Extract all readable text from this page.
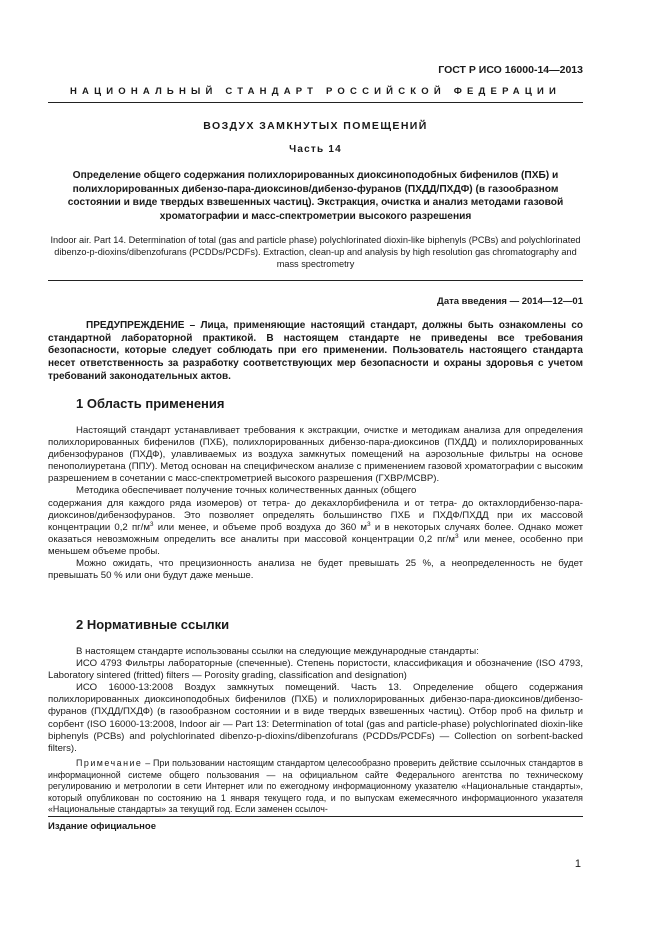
ГОСТ Р ИСО 16000-14—2013
НАЦИОНАЛЬНЫЙ СТАНДАРТ РОССИЙСКОЙ ФЕДЕРАЦИИ
ВОЗДУХ ЗАМКНУТЫХ ПОМЕЩЕНИЙ
Часть 14
Определение общего содержания полихлорированных диоксиноподобных бифенилов (ПХБ) и полихлорированных дибензо-пара-диоксинов/дибензо-фуранов (ПХДД/ПХДФ) (в газообразном состоянии и виде твердых взвешенных частиц). Экстракция, очистка и анализ методами газовой хроматографии и масс-спектрометрии высокого разрешения
Indoor air. Part 14. Determination of total (gas and particle phase) polychlorinated dioxin-like biphenyls (PCBs) and polychlorinated dibenzo-p-dioxins/dibenzofurans (PCDDs/PCDFs). Extraction, clean-up and analysis by high resolution gas chromatography and mass spectrometry
Дата введения — 2014—12—01
ПРЕДУПРЕЖДЕНИЕ – Лица, применяющие настоящий стандарт, должны быть ознакомлены со стандартной лабораторной практикой. В настоящем стандарте не приведены все требования безопасности, которые следует соблюдать при его применении. Пользователь настоящего стандарта несет ответственность за разработку соответствующих мер безопасности и охраны здоровья с учетом требований законодательных актов.
1 Область применения

Настоящий стандарт устанавливает требования к экстракции, очистке и методикам анализа для определения полихлорированных бифенилов (ПХБ), полихлорированных дибензо-пара-диоксинов (ПХДД) и полихлорированных дибензофуранов (ПХДФ), улавливаемых из воздуха замкнутых помещений на аэрозольные фильтры на основе пенополиуретана (ППУ). Метод основан на специфическом анализе с применением газовой хроматографии с высоким разрешением в сочетании с масс-спектрометрией высокого разрешения (ГХВР/МСВР).

Методика обеспечивает получение точных количественных данных (общего

содержания для каждого ряда изомеров) от тетра- до декахлорбифенила и от тетра- до октахлордибензо-пара-диоксинов/дибензофуранов. Это позволяет определять большинство ПХБ и ПХДФ/ПХДД при их массовой концентрации 0,2 $пг/м^3$ или менее, и объеме проб воздуха до 360 $м^3$ и в некоторых случаях более. Однако может оказаться невозможным определить все аналиты при массовой концентрации 0,2 $пг/м^3$ или менее, особенно при меньшем объеме пробы.

Можно ожидать, что прецизионность анализа не будет превышать 25 %, а неопределенность не будет превышать 50 % или они будут даже меньше.

2 Нормативные ссылки

В настоящем стандарте использованы ссылки на следующие международные стандарты:

ИСО 4793 Фильтры лабораторные (спеченные). Степень пористости, классификация и обозначение (ISO 4793, Laboratory sintered (fritted) filters — Porosity grading, classification and designation)

ИСО 16000-13:2008 Воздух замкнутых помещений. Часть 13. Определение общего содержания полихлорированных диоксиноподобных бифенилов (ПХБ) и полихлорированных дибензо-пара-диоксинов/дибензо-фуранов (ПХДД/ПХДФ) (в газообразном состоянии и в виде твердых взвешенных частиц). Отбор проб на фильтр и сорбент (ISO 16000-13:2008, Indoor air — Part 13: Determination of total (gas and particle-phase) polychlorinated dioxin-like biphenyls (PCBs) and polychlorinated dibenzo-p-dioxins/dibenzofurans (PCDDs/PCDFs) — Collection on sorbent-backed filters).

Примечание – При пользовании настоящим стандартом целесообразно проверить действие ссылочных стандартов в информационной системе общего пользования — на официальном сайте Федерального агентства по техническому регулированию и метрологии в сети Интернет или по ежегодному информационному указателю «Национальные стандарты», который опубликован по состоянию на 1 января текущего года, и по выпускам ежемесячного информационного указателя «Национальные стандарты» за текущий год. Если заменен ссылоч-
Издание официальное
1
